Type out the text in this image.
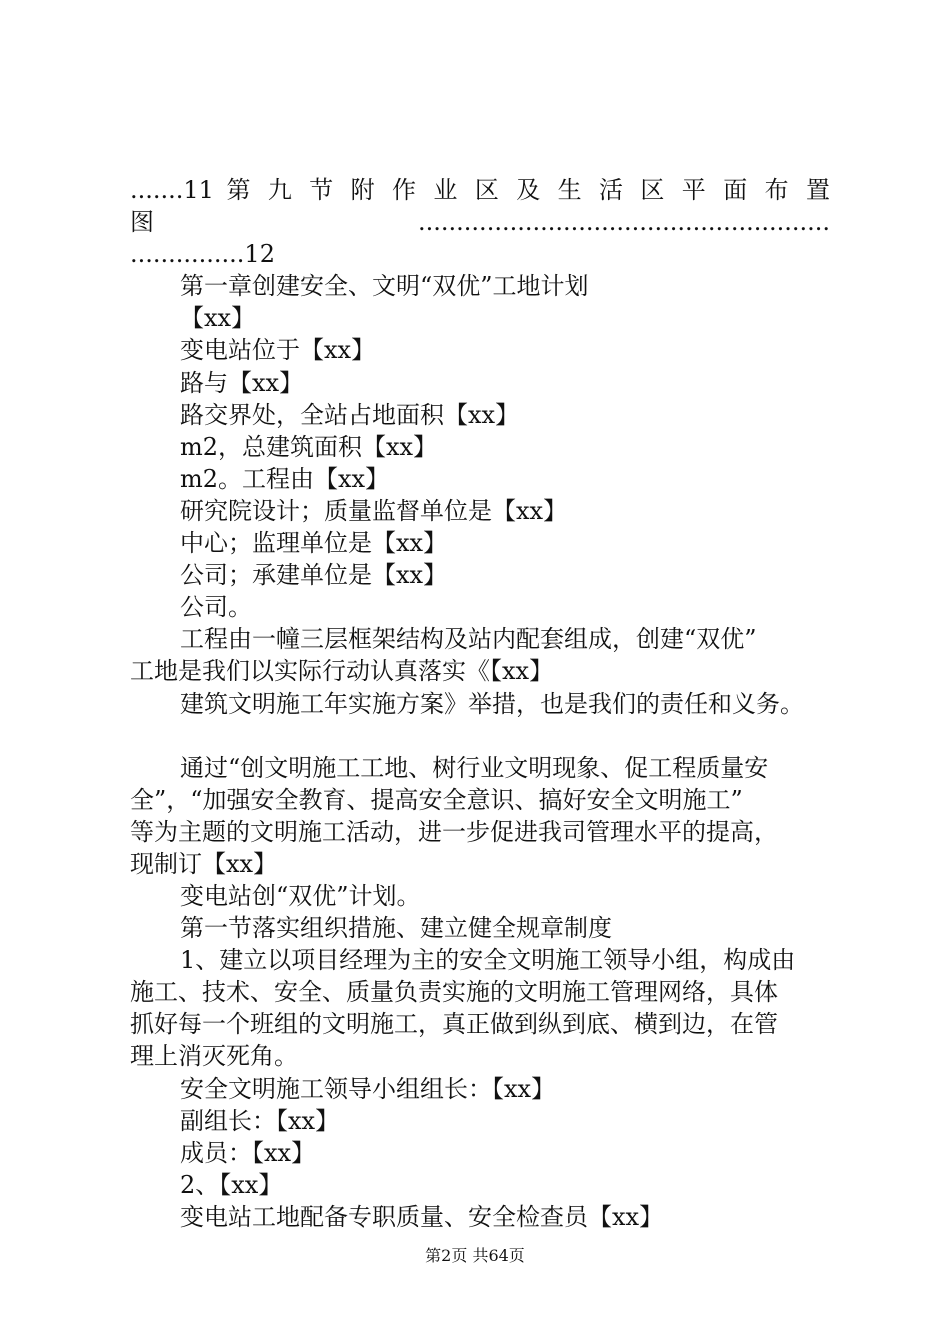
.......11 第 九 节 附 作 业 区 及 生 活 区 平 面 布 置
图......................................................
...............12
第一章创建安全、文明“双优”工地计划
【xx】
变电站位于【xx】
路与【xx】
路交界处，全站占地面积【xx】
m2，总建筑面积【xx】
m2。工程由【xx】
研究院设计；质量监督单位是【xx】
中心；监理单位是【xx】
公司；承建单位是【xx】
公司。
工程由一幢三层框架结构及站内配套组成，创建“双优”
工地是我们以实际行动认真落实《【xx】
建筑文明施工年实施方案》举措，也是我们的责任和义务。
通过“创文明施工工地、树行业文明现象、促工程质量安
全”，“加强安全教育、提高安全意识、搞好安全文明施工”
等为主题的文明施工活动，进一步促进我司管理水平的提高，
现制订【xx】
变电站创“双优”计划。
第一节落实组织措施、建立健全规章制度
1、建立以项目经理为主的安全文明施工领导小组，构成由
施工、技术、安全、质量负责实施的文明施工管理网络，具体
抓好每一个班组的文明施工，真正做到纵到底、横到边，在管
理上消灭死角。
安全文明施工领导小组组长：【xx】
副组长：【xx】
成员：【xx】
2、【xx】
变电站工地配备专职质量、安全检查员【xx】
第2页 共64页
